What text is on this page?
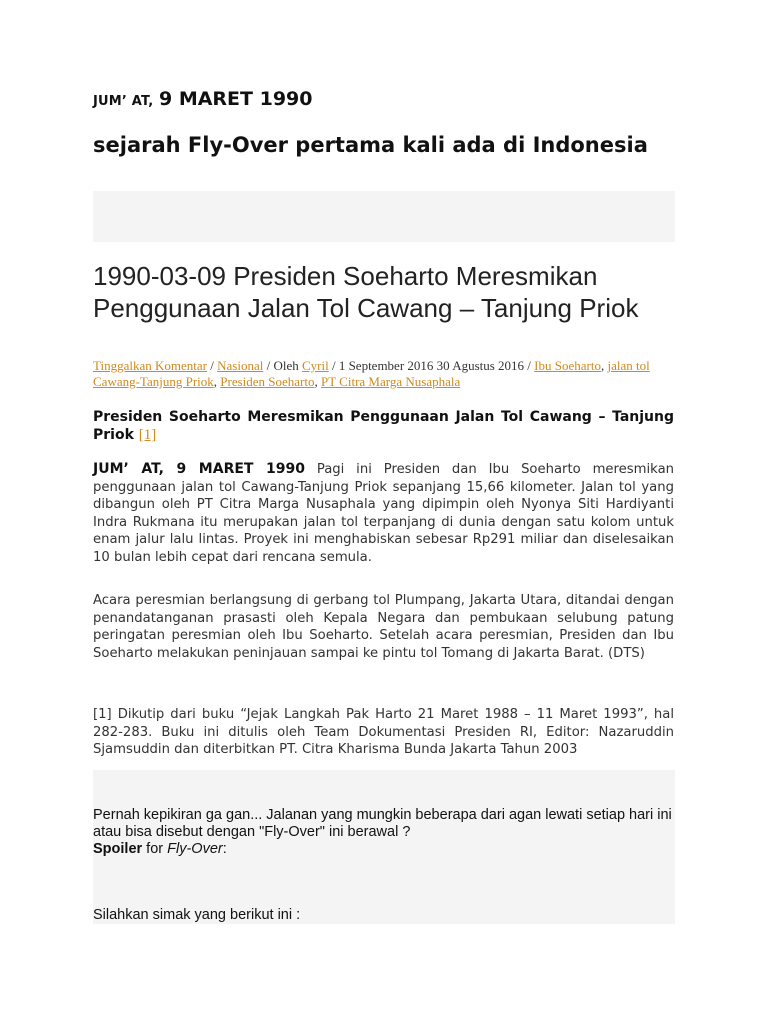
JUM’ AT, 9 MARET 1990
sejarah Fly-Over pertama kali ada di Indonesia
1990-03-09 Presiden Soeharto Meresmikan Penggunaan Jalan Tol Cawang – Tanjung Priok
Tinggalkan Komentar / Nasional / Oleh Cyril / 1 September 2016 30 Agustus 2016 / Ibu Soeharto, jalan tol Cawang-Tanjung Priok, Presiden Soeharto, PT Citra Marga Nusaphala
Presiden Soeharto Meresmikan Penggunaan Jalan Tol Cawang – Tanjung Priok [1]

JUM’ AT, 9 MARET 1990 Pagi ini Presiden dan Ibu Soeharto meresmikan penggunaan jalan tol Cawang-Tanjung Priok sepanjang 15,66 kilometer. Jalan tol yang dibangun oleh PT Citra Marga Nusaphala yang dipimpin oleh Nyonya Siti Hardiyanti Indra Rukmana itu merupakan jalan tol terpanjang di dunia dengan satu kolom untuk enam jalur lalu lintas. Proyek ini menghabiskan sebesar Rp291 miliar dan diselesaikan 10 bulan lebih cepat dari rencana semula.

Acara peresmian berlangsung di gerbang tol Plumpang, Jakarta Utara, ditandai dengan penandatanganan prasasti oleh Kepala Negara dan pembukaan selubung patung peringatan peresmian oleh Ibu Soeharto. Setelah acara peresmian, Presiden dan Ibu Soeharto melakukan peninjauan sampai ke pintu tol Tomang di Jakarta Barat. (DTS)

[1] Dikutip dari buku “Jejak Langkah Pak Harto 21 Maret 1988 – 11 Maret 1993”, hal 282-283. Buku ini ditulis oleh Team Dokumentasi Presiden RI, Editor: Nazaruddin Sjamsuddin dan diterbitkan PT. Citra Kharisma Bunda Jakarta Tahun 2003

Pernah kepikiran ga gan... Jalanan yang mungkin beberapa dari agan lewati setiap hari ini atau bisa disebut dengan "Fly-Over" ini berawal ?
Spoiler for Fly-Over:
Silahkan simak yang berikut ini :
